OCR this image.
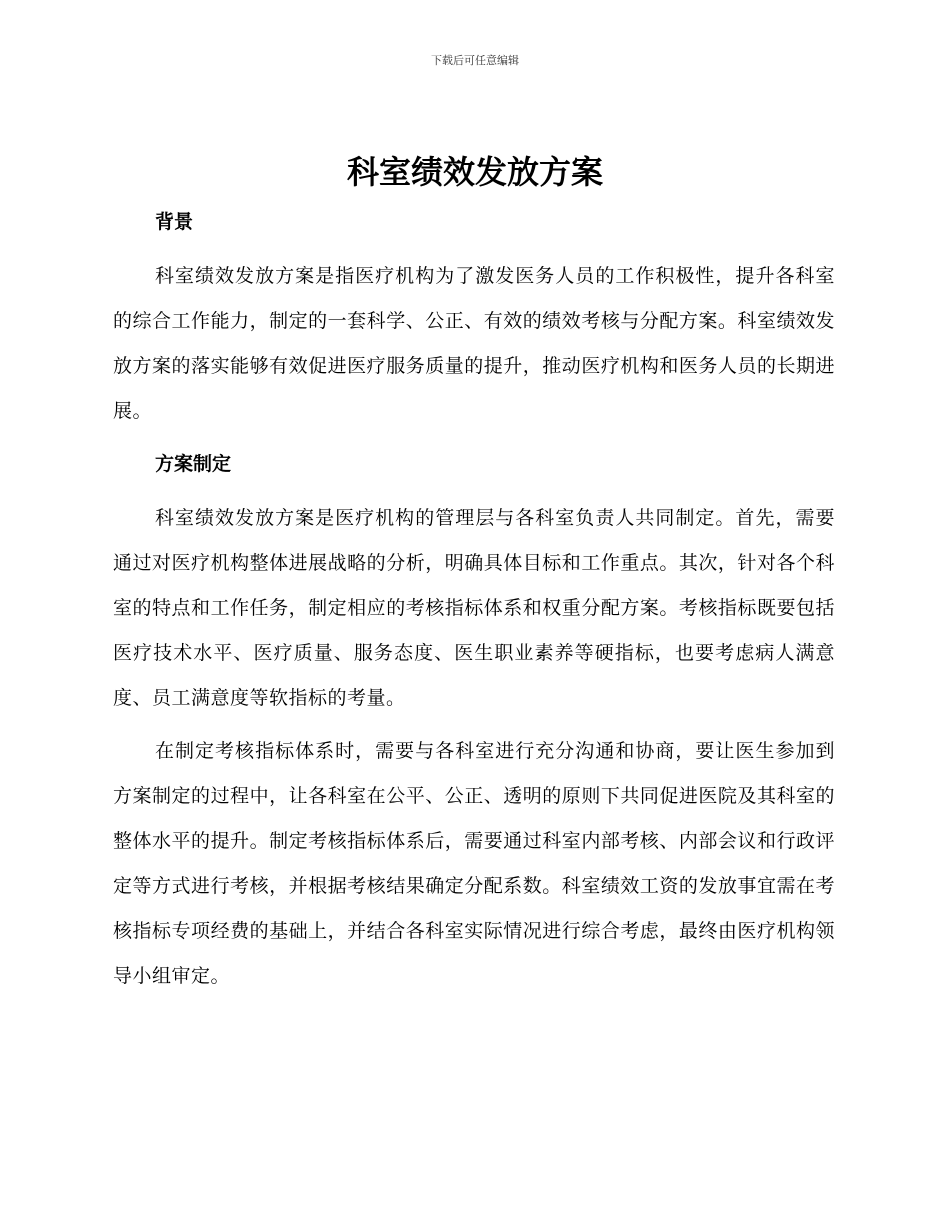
下载后可任意编辑
科室绩效发放方案
背景

科室绩效发放方案是指医疗机构为了激发医务人员的工作积极性，提升各科室的综合工作能力，制定的一套科学、公正、有效的绩效考核与分配方案。科室绩效发放方案的落实能够有效促进医疗服务质量的提升，推动医疗机构和医务人员的长期进展。

方案制定

科室绩效发放方案是医疗机构的管理层与各科室负责人共同制定。首先，需要通过对医疗机构整体进展战略的分析，明确具体目标和工作重点。其次，针对各个科室的特点和工作任务，制定相应的考核指标体系和权重分配方案。考核指标既要包括医疗技术水平、医疗质量、服务态度、医生职业素养等硬指标，也要考虑病人满意度、员工满意度等软指标的考量。

在制定考核指标体系时，需要与各科室进行充分沟通和协商，要让医生参加到方案制定的过程中，让各科室在公平、公正、透明的原则下共同促进医院及其科室的整体水平的提升。制定考核指标体系后，需要通过科室内部考核、内部会议和行政评定等方式进行考核，并根据考核结果确定分配系数。科室绩效工资的发放事宜需在考核指标专项经费的基础上，并结合各科室实际情况进行综合考虑，最终由医疗机构领导小组审定。
